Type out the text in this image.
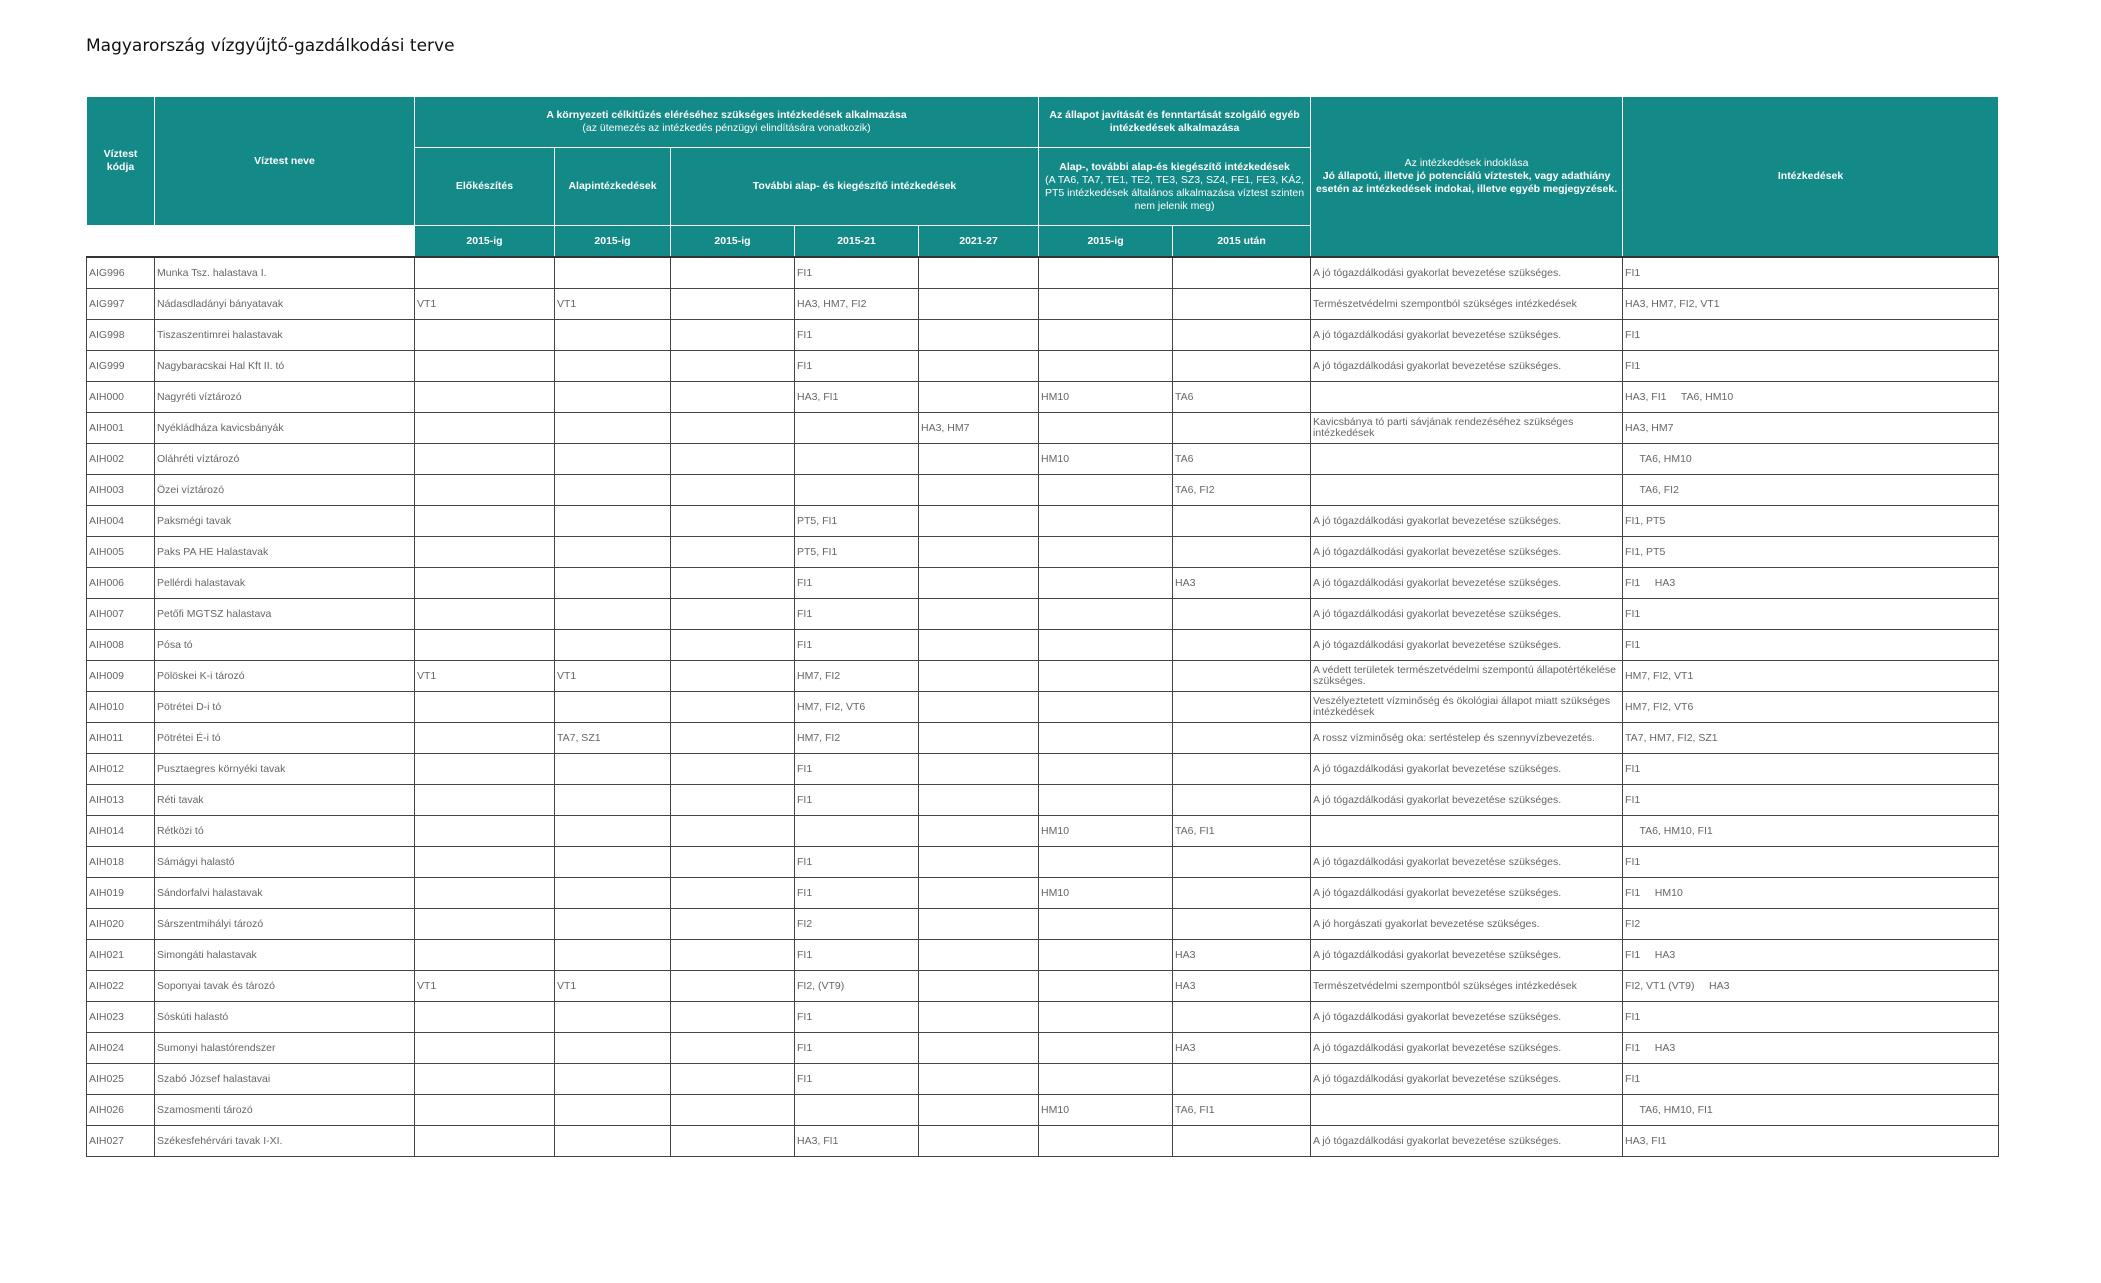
Magyarország vízgyűjtő-gazdálkodási terve
Víztest kódja	Víztest neve	A környezeti célkitűzés eléréséhez szükséges intézkedések alkalmazása
(az ütemezés az intézkedés pénzügyi elindítására vonatkozik)					Az állapot javítását és fenntartását szolgáló egyéb intézkedések alkalmazása		Az intézkedések indoklása
Jó állapotú, illetve jó potenciálú víztestek, vagy adathiány esetén az intézkedések indokai, illetve egyéb megjegyzések.	Intézkedések
		Előkészítés	Alapintézkedések	További alap- és kiegészítő intézkedések			Alap-, további alap-és kiegészítő intézkedések
(A TA6, TA7, TE1, TE2, TE3, SZ3, SZ4, FE1, FE3, KÁ2, PT5 intézkedések általános alkalmazása víztest szinten nem jelenik meg)			

		2015-ig	2015-ig	2015-ig	2015-21	2021-27	2015-ig	2015 után		
AIG996	Munka Tsz. halastava I.				FI1				A jó tógazdálkodási gyakorlat bevezetése szükséges.	FI1
AIG997	Nádasdladányi bányatavak	VT1	VT1		HA3, HM7, FI2				Természetvédelmi szempontból szükséges intézkedések	HA3, HM7, FI2, VT1
AIG998	Tiszaszentimrei halastavak				FI1				A jó tógazdálkodási gyakorlat bevezetése szükséges.	FI1
AIG999	Nagybaracskai Hal Kft II. tó				FI1				A jó tógazdálkodási gyakorlat bevezetése szükséges.	FI1
AIH000	Nagyréti víztározó				HA3, FI1		HM10	TA6		HA3, FI1     TA6, HM10
AIH001	Nyékládháza kavicsbányák					HA3, HM7			Kavicsbánya tó parti sávjának rendezéséhez szükséges intézkedések	HA3, HM7
AIH002	Oláhréti víztározó						HM10	TA6		TA6, HM10
AIH003	Özei víztározó							TA6, FI2		TA6, FI2
AIH004	Paksmégi tavak				PT5, FI1				A jó tógazdálkodási gyakorlat bevezetése szükséges.	FI1, PT5
AIH005	Paks PA HE Halastavak				PT5, FI1				A jó tógazdálkodási gyakorlat bevezetése szükséges.	FI1, PT5
AIH006	Pellérdi halastavak				FI1			HA3	A jó tógazdálkodási gyakorlat bevezetése szükséges.	FI1     HA3
AIH007	Petőfi MGTSZ halastava				FI1				A jó tógazdálkodási gyakorlat bevezetése szükséges.	FI1
AIH008	Pósa tó				FI1				A jó tógazdálkodási gyakorlat bevezetése szükséges.	FI1
AIH009	Pölöskei K-i tározó	VT1	VT1		HM7, FI2				A védett területek természetvédelmi szempontú állapotértékelése szükséges.	HM7, FI2, VT1
AIH010	Pötrétei D-i tó				HM7, FI2, VT6				Veszélyeztetett vízminőség és ökológiai állapot miatt szükséges intézkedések	HM7, FI2, VT6
AIH011	Pötrétei É-i tó		TA7, SZ1		HM7, FI2				A rossz vízminőség oka: sertéstelep és szennyvízbevezetés.	TA7, HM7, FI2, SZ1
AIH012	Pusztaegres környéki tavak				FI1				A jó tógazdálkodási gyakorlat bevezetése szükséges.	FI1
AIH013	Réti tavak				FI1				A jó tógazdálkodási gyakorlat bevezetése szükséges.	FI1
AIH014	Rétközi tó						HM10	TA6, FI1		TA6, HM10, FI1
AIH018	Sámágyi halastó				FI1				A jó tógazdálkodási gyakorlat bevezetése szükséges.	FI1
AIH019	Sándorfalvi halastavak				FI1		HM10		A jó tógazdálkodási gyakorlat bevezetése szükséges.	FI1     HM10
AIH020	Sárszentmihályi tározó				FI2				A jó horgászati gyakorlat bevezetése szükséges.	FI2
AIH021	Simongáti halastavak				FI1			HA3	A jó tógazdálkodási gyakorlat bevezetése szükséges.	FI1     HA3
AIH022	Soponyai tavak és tározó	VT1	VT1		FI2, (VT9)			HA3	Természetvédelmi szempontból szükséges intézkedések	FI2, VT1 (VT9)     HA3
AIH023	Sóskúti halastó				FI1				A jó tógazdálkodási gyakorlat bevezetése szükséges.	FI1
AIH024	Sumonyi halastórendszer				FI1			HA3	A jó tógazdálkodási gyakorlat bevezetése szükséges.	FI1     HA3
AIH025	Szabó József halastavai				FI1				A jó tógazdálkodási gyakorlat bevezetése szükséges.	FI1
AIH026	Szamosmenti tározó						HM10	TA6, FI1		TA6, HM10, FI1
AIH027	Székesfehérvári tavak I-XI.				HA3, FI1				A jó tógazdálkodási gyakorlat bevezetése szükséges.	HA3, FI1
